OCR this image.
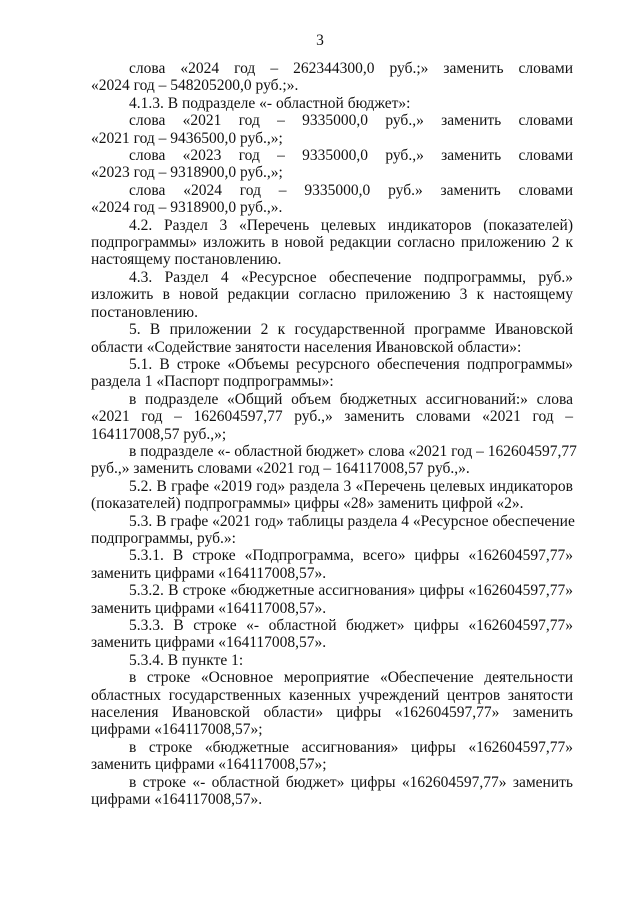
3
слова «2024 год – 262344300,0 руб.;» заменить словами
«2024 год – 548205200,0 руб.;».
4.1.3. В подразделе «- областной бюджет»:
слова «2021 год – 9335000,0 руб.,» заменить словами
«2021 год – 9436500,0 руб.,»;
слова «2023 год – 9335000,0 руб.,» заменить словами
«2023 год – 9318900,0 руб.,»;
слова «2024 год – 9335000,0 руб.» заменить словами
«2024 год – 9318900,0 руб.,».
4.2. Раздел 3 «Перечень целевых индикаторов (показателей)
подпрограммы» изложить в новой редакции согласно приложению 2 к
настоящему постановлению.
4.3. Раздел 4 «Ресурсное обеспечение подпрограммы, руб.»
изложить в новой редакции согласно приложению 3 к настоящему
постановлению.
5. В приложении 2 к государственной программе Ивановской
области «Содействие занятости населения Ивановской области»:
5.1. В строке «Объемы ресурсного обеспечения подпрограммы»
раздела 1 «Паспорт подпрограммы»:
в подразделе «Общий объем бюджетных ассигнований:» слова
«2021 год – 162604597,77 руб.,» заменить словами «2021 год –
164117008,57 руб.,»;
в подразделе «- областной бюджет» слова «2021 год – 162604597,77
руб.,» заменить словами «2021 год – 164117008,57 руб.,».
5.2. В графе «2019 год» раздела 3 «Перечень целевых индикаторов
(показателей) подпрограммы» цифры «28» заменить цифрой «2».
5.3. В графе «2021 год» таблицы раздела 4 «Ресурсное обеспечение
подпрограммы, руб.»:
5.3.1. В строке «Подпрограмма, всего» цифры «162604597,77»
заменить цифрами «164117008,57».
5.3.2. В строке «бюджетные ассигнования» цифры «162604597,77»
заменить цифрами «164117008,57».
5.3.3. В строке «- областной бюджет» цифры «162604597,77»
заменить цифрами «164117008,57».
5.3.4. В пункте 1:
в строке «Основное мероприятие «Обеспечение деятельности
областных государственных казенных учреждений центров занятости
населения Ивановской области» цифры «162604597,77» заменить
цифрами «164117008,57»;
в строке «бюджетные ассигнования» цифры «162604597,77»
заменить цифрами «164117008,57»;
в строке «- областной бюджет» цифры «162604597,77» заменить
цифрами «164117008,57».
